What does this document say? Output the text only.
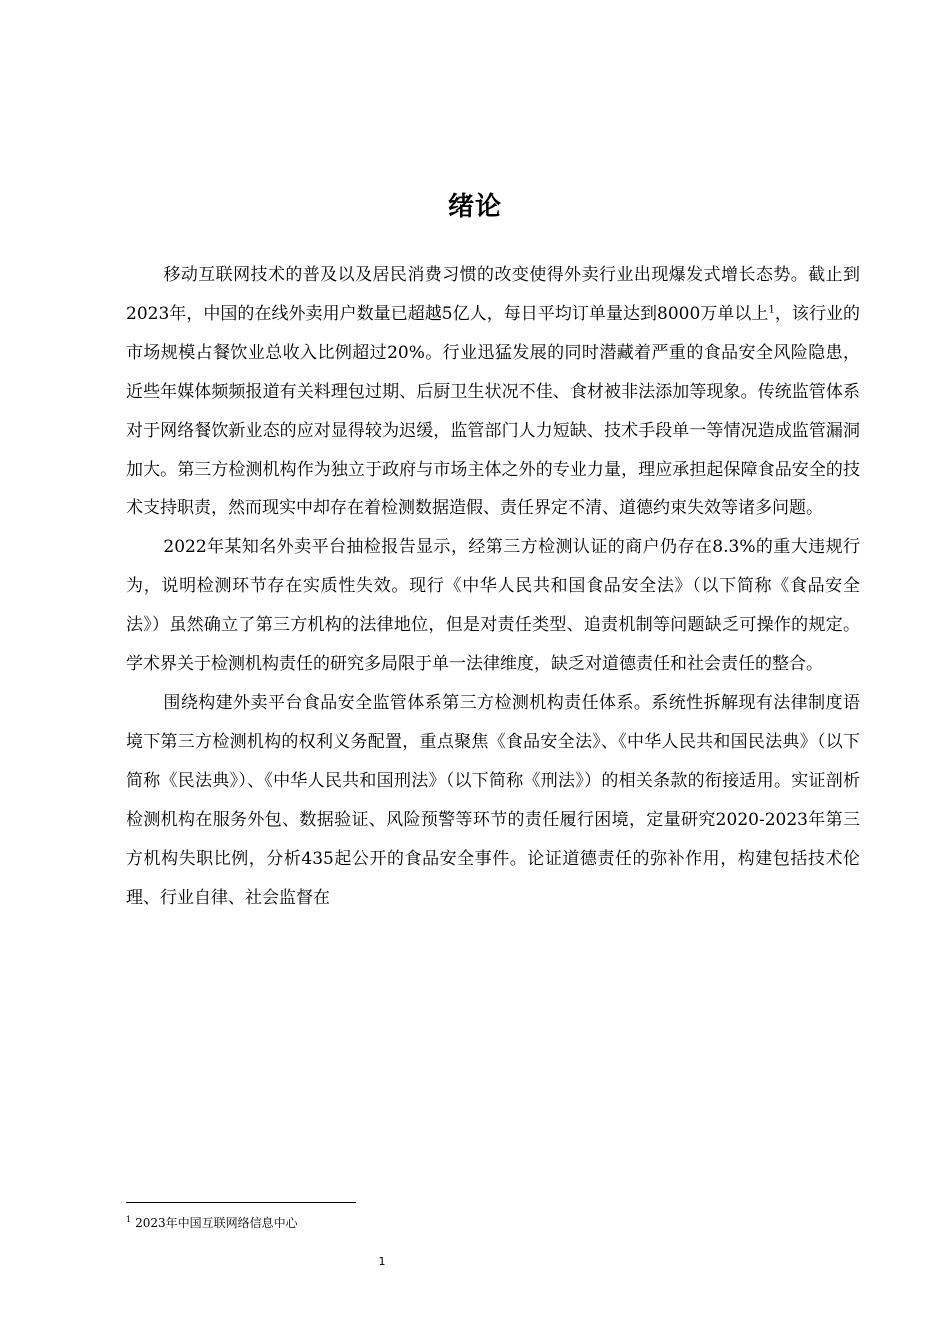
绪论

移动互联网技术的普及以及居民消费习惯的改变使得外卖行业出现爆发式增长态势。截止到2023年，中国的在线外卖用户数量已超越5亿人，每日平均订单量达到8000万单以上$^1$，该行业的市场规模占餐饮业总收入比例超过20%。行业迅猛发展的同时潜藏着严重的食品安全风险隐患，近些年媒体频频报道有关料理包过期、后厨卫生状况不佳、食材被非法添加等现象。传统监管体系对于网络餐饮新业态的应对显得较为迟缓，监管部门人力短缺、技术手段单一等情况造成监管漏洞加大。第三方检测机构作为独立于政府与市场主体之外的专业力量，理应承担起保障食品安全的技术支持职责，然而现实中却存在着检测数据造假、责任界定不清、道德约束失效等诸多问题。

2022年某知名外卖平台抽检报告显示，经第三方检测认证的商户仍存在8.3%的重大违规行为，说明检测环节存在实质性失效。现行《中华人民共和国食品安全法》（以下简称《食品安全法》）虽然确立了第三方机构的法律地位，但是对责任类型、追责机制等问题缺乏可操作的规定。学术界关于检测机构责任的研究多局限于单一法律维度，缺乏对道德责任和社会责任的整合。

围绕构建外卖平台食品安全监管体系第三方检测机构责任体系。系统性拆解现有法律制度语境下第三方检测机构的权利义务配置，重点聚焦《食品安全法》、《中华人民共和国民法典》（以下简称《民法典》）、《中华人民共和国刑法》（以下简称《刑法》）的相关条款的衔接适用。实证剖析检测机构在服务外包、数据验证、风险预警等环节的责任履行困境，定量研究2020-2023年第三方机构失职比例，分析435起公开的食品安全事件。论证道德责任的弥补作用，构建包括技术伦理、行业自律、社会监督在

$^1$ 2023年中国互联网络信息中心
1
